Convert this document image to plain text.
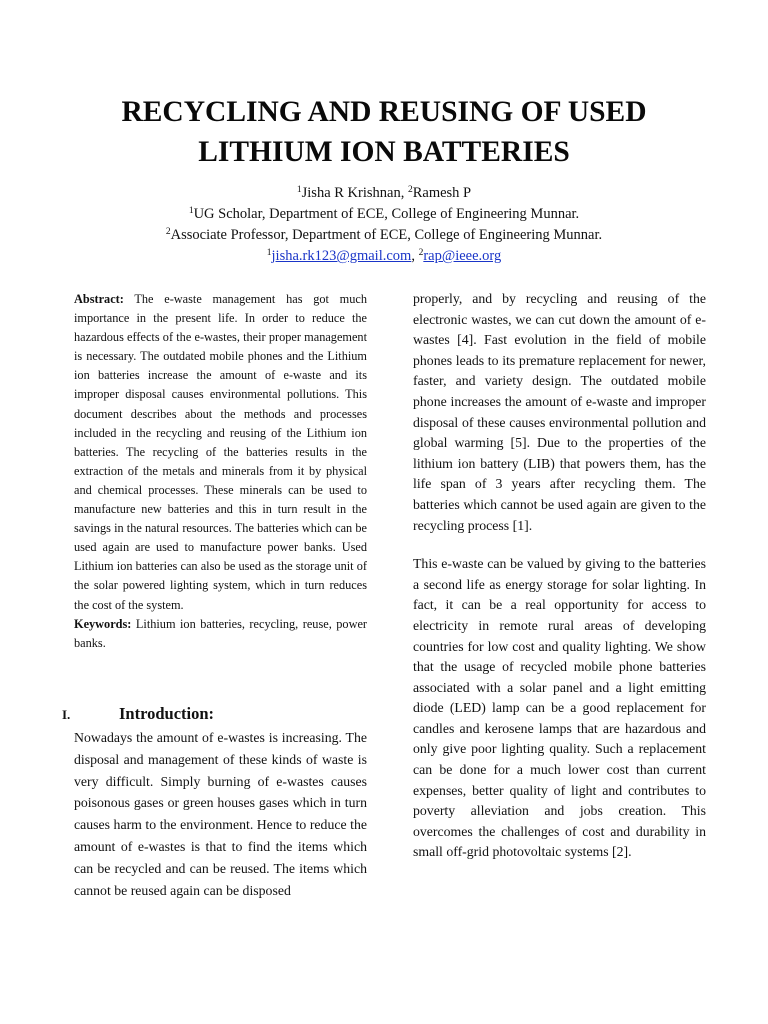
RECYCLING AND REUSING OF USED
LITHIUM ION BATTERIES
$^1$Jisha R Krishnan, $^2$Ramesh P
$^1$UG Scholar, Department of ECE, College of Engineering Munnar.
$^2$Associate Professor, Department of ECE, College of Engineering Munnar.
$^1$jisha.rk123@gmail.com, $^2$rap@ieee.org

Abstract: The e-waste management has got much importance in the present life. In order to reduce the hazardous effects of the e-wastes, their proper management is necessary. The outdated mobile phones and the Lithium ion batteries increase the amount of e-waste and its improper disposal causes environmental pollutions. This document describes about the methods and processes included in the recycling and reusing of the Lithium ion batteries. The recycling of the batteries results in the extraction of the metals and minerals from it by physical and chemical processes. These minerals can be used to manufacture new batteries and this in turn result in the savings in the natural resources. The batteries which can be used again are used to manufacture power banks. Used Lithium ion batteries can also be used as the storage unit of the solar powered lighting system, which in turn reduces the cost of the system.

Keywords: Lithium ion batteries, recycling, reuse, power banks.

I.	Introduction:

Nowadays the amount of e-wastes is increasing. The disposal and management of these kinds of waste is very difficult. Simply burning of e-wastes causes poisonous gases or green houses gases which in turn causes harm to the environment. Hence to reduce the amount of e-wastes is that to find the items which can be recycled and can be reused. The items which cannot be reused again can be disposed

properly, and by recycling and reusing of the electronic wastes, we can cut down the amount of e-wastes [4]. Fast evolution in the field of mobile phones leads to its premature replacement for newer, faster, and variety design. The outdated mobile phone increases the amount of e-waste and improper disposal of these causes environmental pollution and global warming [5]. Due to the properties of the lithium ion battery (LIB) that powers them, has the life span of 3 years after recycling them. The batteries which cannot be used again are given to the recycling process [1].

This e-waste can be valued by giving to the batteries a second life as energy storage for solar lighting. In fact, it can be a real opportunity for access to electricity in remote rural areas of developing countries for low cost and quality lighting. We show that the usage of recycled mobile phone batteries associated with a solar panel and a light emitting diode (LED) lamp can be a good replacement for candles and kerosene lamps that are hazardous and only give poor lighting quality. Such a replacement can be done for a much lower cost than current expenses, better quality of light and contributes to poverty alleviation and jobs creation. This overcomes the challenges of cost and durability in small off-grid photovoltaic systems [2].
